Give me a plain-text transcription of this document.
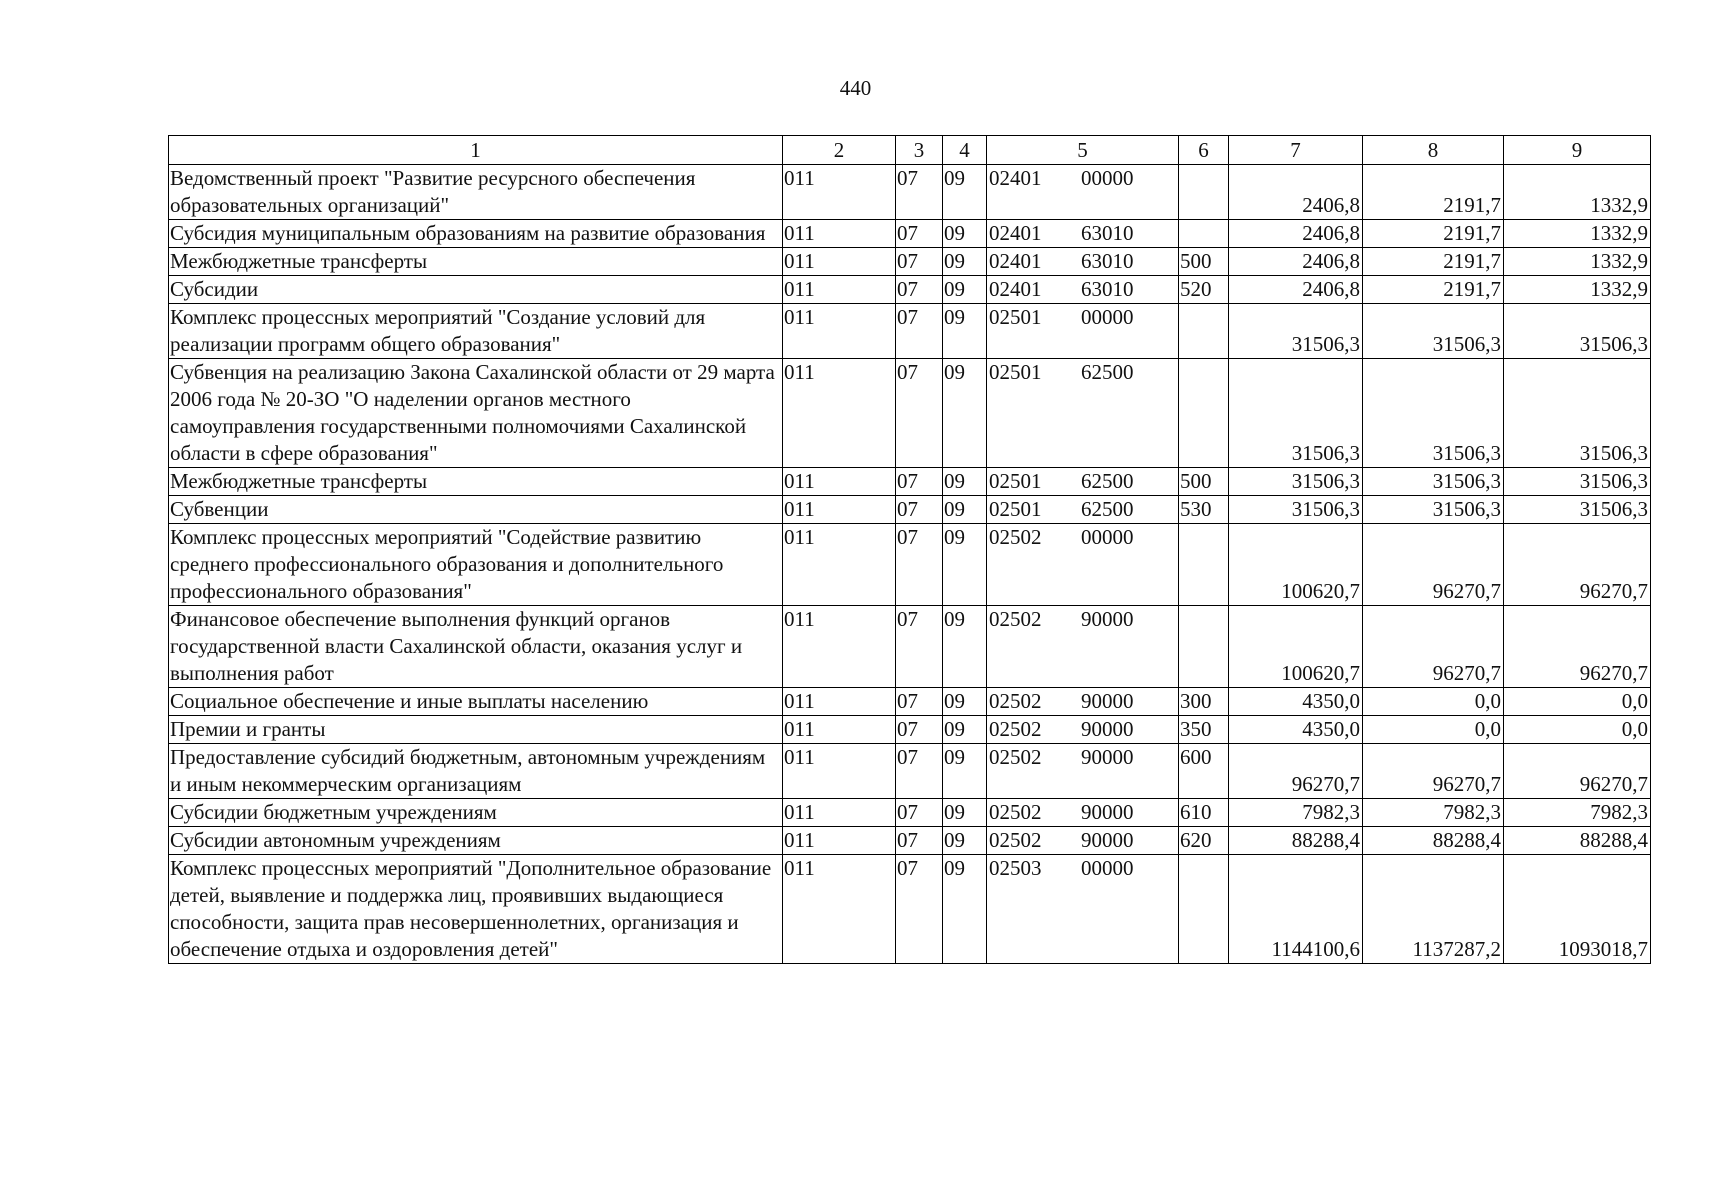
440
1	2	3	4	5	6	7	8	9
Ведомственный проект "Развитие ресурсного обеспечения образовательных организаций"	011	07	09	02401 00000		2406,8	2191,7	1332,9
Субсидия муниципальным образованиям на развитие образования	011	07	09	02401 63010		2406,8	2191,7	1332,9
Межбюджетные трансферты	011	07	09	02401 63010	500	2406,8	2191,7	1332,9
Субсидии	011	07	09	02401 63010	520	2406,8	2191,7	1332,9
Комплекс процессных мероприятий "Создание условий для реализации программ общего образования"	011	07	09	02501 00000		31506,3	31506,3	31506,3
Субвенция на реализацию Закона Сахалинской области от 29 марта 2006 года № 20-ЗО "О наделении органов местного самоуправления государственными полномочиями Сахалинской области в сфере образования"	011	07	09	02501 62500		31506,3	31506,3	31506,3
Межбюджетные трансферты	011	07	09	02501 62500	500	31506,3	31506,3	31506,3
Субвенции	011	07	09	02501 62500	530	31506,3	31506,3	31506,3
Комплекс процессных мероприятий "Содействие развитию среднего профессионального образования и дополнительного профессионального образования"	011	07	09	02502 00000		100620,7	96270,7	96270,7
Финансовое обеспечение выполнения функций органов государственной власти Сахалинской области, оказания услуг и выполнения работ	011	07	09	02502 90000		100620,7	96270,7	96270,7
Социальное обеспечение и иные выплаты населению	011	07	09	02502 90000	300	4350,0	0,0	0,0
Премии и гранты	011	07	09	02502 90000	350	4350,0	0,0	0,0
Предоставление субсидий бюджетным, автономным учреждениям и иным некоммерческим организациям	011	07	09	02502 90000	600	96270,7	96270,7	96270,7
Субсидии бюджетным учреждениям	011	07	09	02502 90000	610	7982,3	7982,3	7982,3
Субсидии автономным учреждениям	011	07	09	02502 90000	620	88288,4	88288,4	88288,4
Комплекс процессных мероприятий "Дополнительное образование детей, выявление и поддержка лиц, проявивших выдающиеся способности, защита прав несовершеннолетних, организация и обеспечение отдыха и оздоровления детей"	011	07	09	02503 00000		1144100,6	1137287,2	1093018,7
